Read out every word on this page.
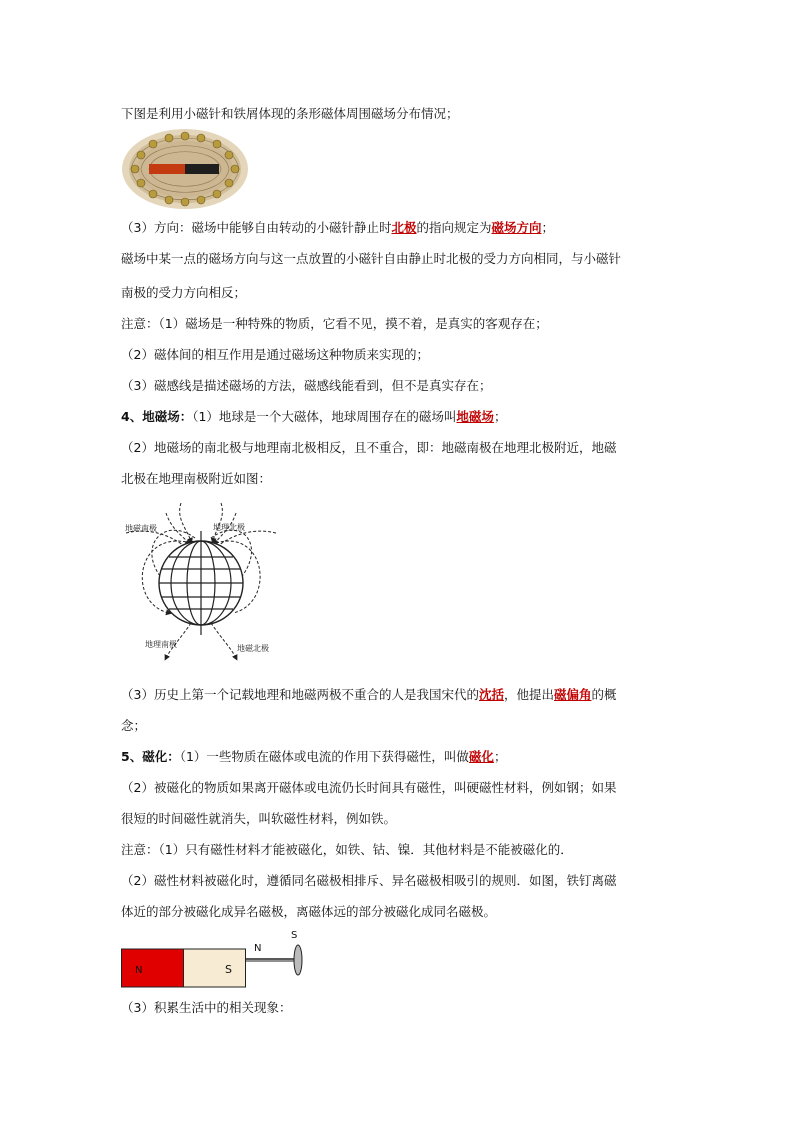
下图是利用小磁针和铁屑体现的条形磁体周围磁场分布情况；
（3）方向：磁场中能够自由转动的小磁针静止时北极的指向规定为磁场方向；
磁场中某一点的磁场方向与这一点放置的小磁针自由静止时北极的受力方向相同，与小磁针
南极的受力方向相反；
注意：（1）磁场是一种特殊的物质，它看不见，摸不着，是真实的客观存在；
（2）磁体间的相互作用是通过磁场这种物质来实现的；
（3）磁感线是描述磁场的方法，磁感线能看到，但不是真实存在；
4、地磁场：（1）地球是一个大磁体，地球周围存在的磁场叫地磁场；
（2）地磁场的南北极与地理南北极相反，且不重合，即：地磁南极在地理北极附近，地磁
北极在地理南极附近如图：
地磁南极	地理北极
地理南极	地磁北极
（3）历史上第一个记载地理和地磁两极不重合的人是我国宋代的沈括，他提出磁偏角的概
念；
5、磁化：（1）一些物质在磁体或电流的作用下获得磁性，叫做磁化；
（2）被磁化的物质如果离开磁体或电流仍长时间具有磁性，叫硬磁性材料，例如钢；如果
很短的时间磁性就消失，叫软磁性材料，例如铁。
注意：（1）只有磁性材料才能被磁化，如铁、钴、镍．其他材料是不能被磁化的．
（2）磁性材料被磁化时，遵循同名磁极相排斥、异名磁极相吸引的规则．如图，铁钉离磁
体近的部分被磁化成异名磁极，离磁体远的部分被磁化成同名磁极。
N	S
N
S
（3）积累生活中的相关现象：
